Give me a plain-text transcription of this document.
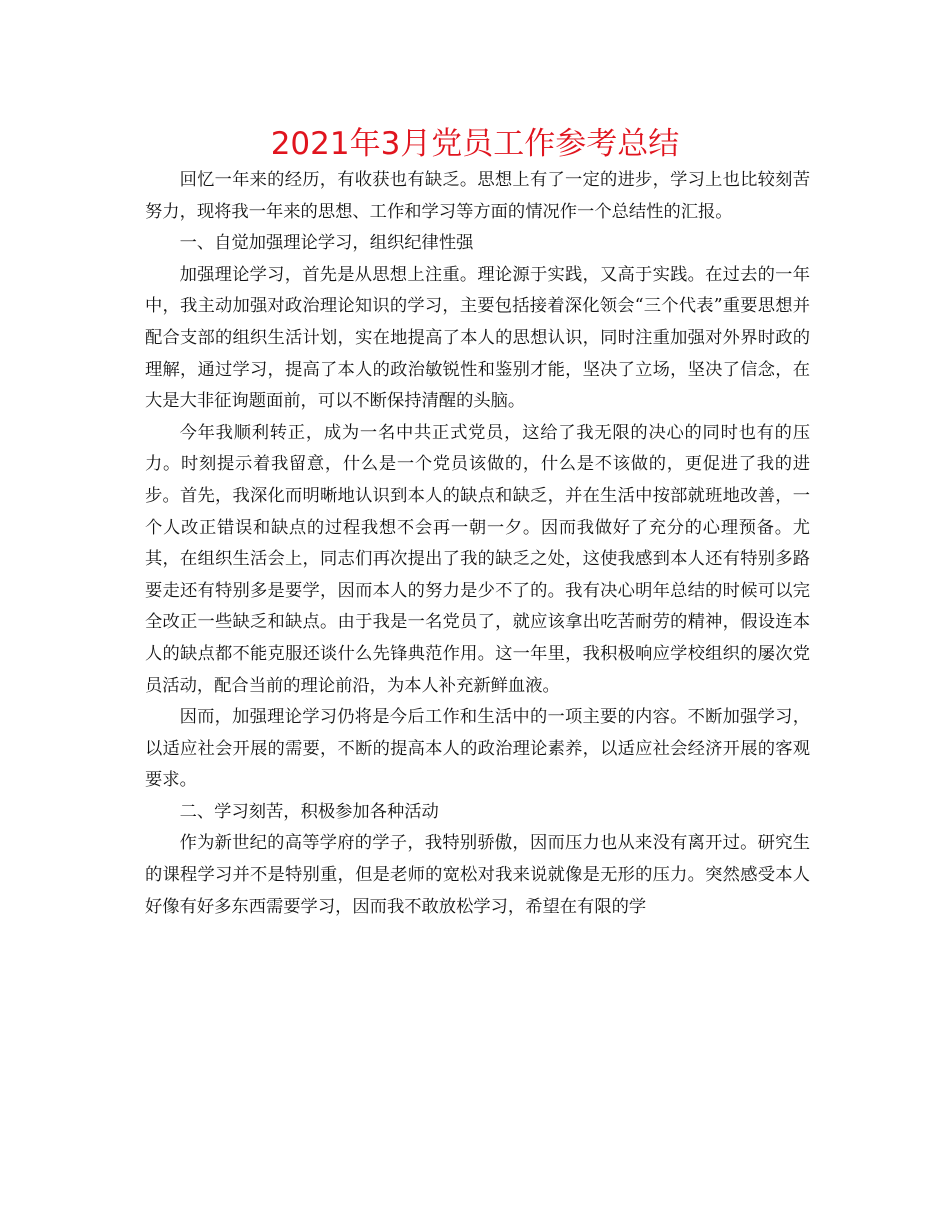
2021年3月党员工作参考总结

回忆一年来的经历，有收获也有缺乏。思想上有了一定的进步，学习上也比较刻苦努力，现将我一年来的思想、工作和学习等方面的情况作一个总结性的汇报。

一、自觉加强理论学习，组织纪律性强

加强理论学习，首先是从思想上注重。理论源于实践，又高于实践。在过去的一年中，我主动加强对政治理论知识的学习，主要包括接着深化领会“三个代表”重要思想并配合支部的组织生活计划，实在地提高了本人的思想认识，同时注重加强对外界时政的理解，通过学习，提高了本人的政治敏锐性和鉴别才能，坚决了立场，坚决了信念，在大是大非征询题面前，可以不断保持清醒的头脑。

今年我顺利转正，成为一名中共正式党员，这给了我无限的决心的同时也有的压力。时刻提示着我留意，什么是一个党员该做的，什么是不该做的，更促进了我的进步。首先，我深化而明晰地认识到本人的缺点和缺乏，并在生活中按部就班地改善，一个人改正错误和缺点的过程我想不会再一朝一夕。因而我做好了充分的心理预备。尤其，在组织生活会上，同志们再次提出了我的缺乏之处，这使我感到本人还有特别多路要走还有特别多是要学，因而本人的努力是少不了的。我有决心明年总结的时候可以完全改正一些缺乏和缺点。由于我是一名党员了，就应该拿出吃苦耐劳的精神，假设连本人的缺点都不能克服还谈什么先锋典范作用。这一年里，我积极响应学校组织的屡次党员活动，配合当前的理论前沿，为本人补充新鲜血液。

因而，加强理论学习仍将是今后工作和生活中的一项主要的内容。不断加强学习，以适应社会开展的需要，不断的提高本人的政治理论素养，以适应社会经济开展的客观要求。

二、学习刻苦，积极参加各种活动

作为新世纪的高等学府的学子，我特别骄傲，因而压力也从来没有离开过。研究生的课程学习并不是特别重，但是老师的宽松对我来说就像是无形的压力。突然感受本人好像有好多东西需要学习，因而我不敢放松学习，希望在有限的学
